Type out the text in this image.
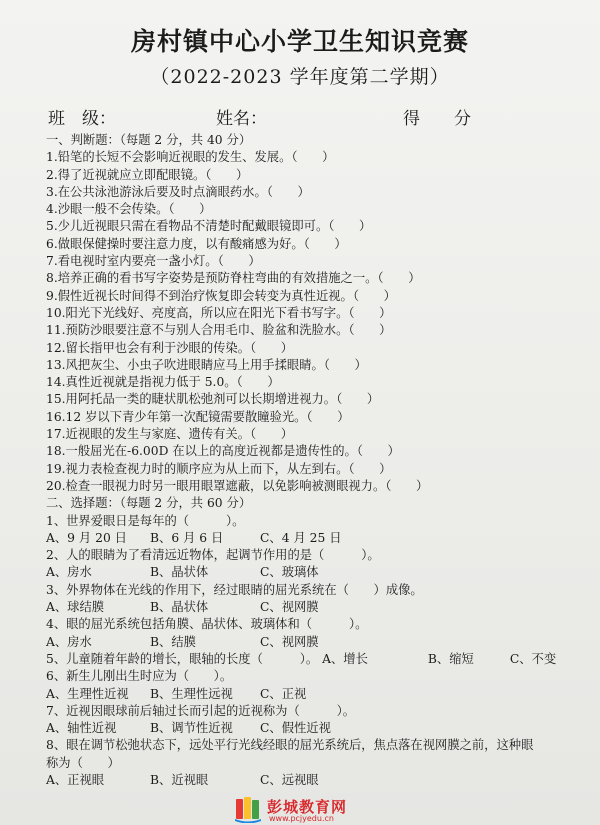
房村镇中心小学卫生知识竞赛
（2022-2023 学年度第二学期）
班　级：	姓名：	得　　分
一、判断题：（每题 2 分，共 40 分）
1.铅笔的长短不会影响近视眼的发生、发展。（　　）
2.得了近视就应立即配眼镜。（　　）
3.在公共泳池游泳后要及时点滴眼药水。（　　）
4.沙眼一般不会传染。（　　）
5.少儿近视眼只需在看物品不清楚时配戴眼镜即可。（　　）
6.做眼保健操时要注意力度，以有酸痛感为好。（　　）
7.看电视时室内要亮一盏小灯。（　　）
8.培养正确的看书写字姿势是预防脊柱弯曲的有效措施之一。（　　）
9.假性近视长时间得不到治疗恢复即会转变为真性近视。（　　）
10.阳光下光线好、亮度高，所以应在阳光下看书写字。（　　）
11.预防沙眼要注意不与别人合用毛巾、脸盆和洗脸水。（　　）
12.留长指甲也会有利于沙眼的传染。（　　）
13.风把灰尘、小虫子吹进眼睛应马上用手揉眼睛。（　　）
14.真性近视就是指视力低于 5.0。（　　）
15.用阿托品一类的睫状肌松弛剂可以长期增进视力。（　　）
16.12 岁以下青少年第一次配镜需要散瞳验光。（　　）
17.近视眼的发生与家庭、遗传有关。（　　）
18.一般屈光在-6.00D 在以上的高度近视都是遗传性的。（　　）
19.视力表检查视力时的顺序应为从上而下，从左到右。（　　）
20.检查一眼视力时另一眼用眼罩遮蔽，以免影响被测眼视力。（　　）
二、选择题：（每题 2 分，共 60 分）
1、世界爱眼日是每年的（　　　）。
A、9 月 20 日 B、6 月 6 日	C、4 月 25 日
2、人的眼睛为了看清远近物体，起调节作用的是（　　　）。
A、房水	B、晶状体	C、玻璃体
3、外界物体在光线的作用下，经过眼睛的屈光系统在（　　）成像。
A、球结膜	B、晶状体	C、视网膜
4、眼的屈光系统包括角膜、晶状体、玻璃体和（　　　）。
A、房水	B、结膜	C、视网膜
5、儿童随着年龄的增长，眼轴的长度（　　　）。 A、增长	B、缩短	C、不变
6、新生儿刚出生时应为（　　）。
A、生理性近视 B、生理性远视 C、正视
7、近视因眼球前后轴过长而引起的近视称为（　　　）。
A、轴性近视	B、调节性近视 C、假性近视
8、眼在调节松弛状态下，远处平行光线经眼的屈光系统后，焦点落在视网膜之前，这种眼
称为（　　）
A、正视眼	B、近视眼	C、远视眼
彭城教育网
www.pcjyedu.cn
